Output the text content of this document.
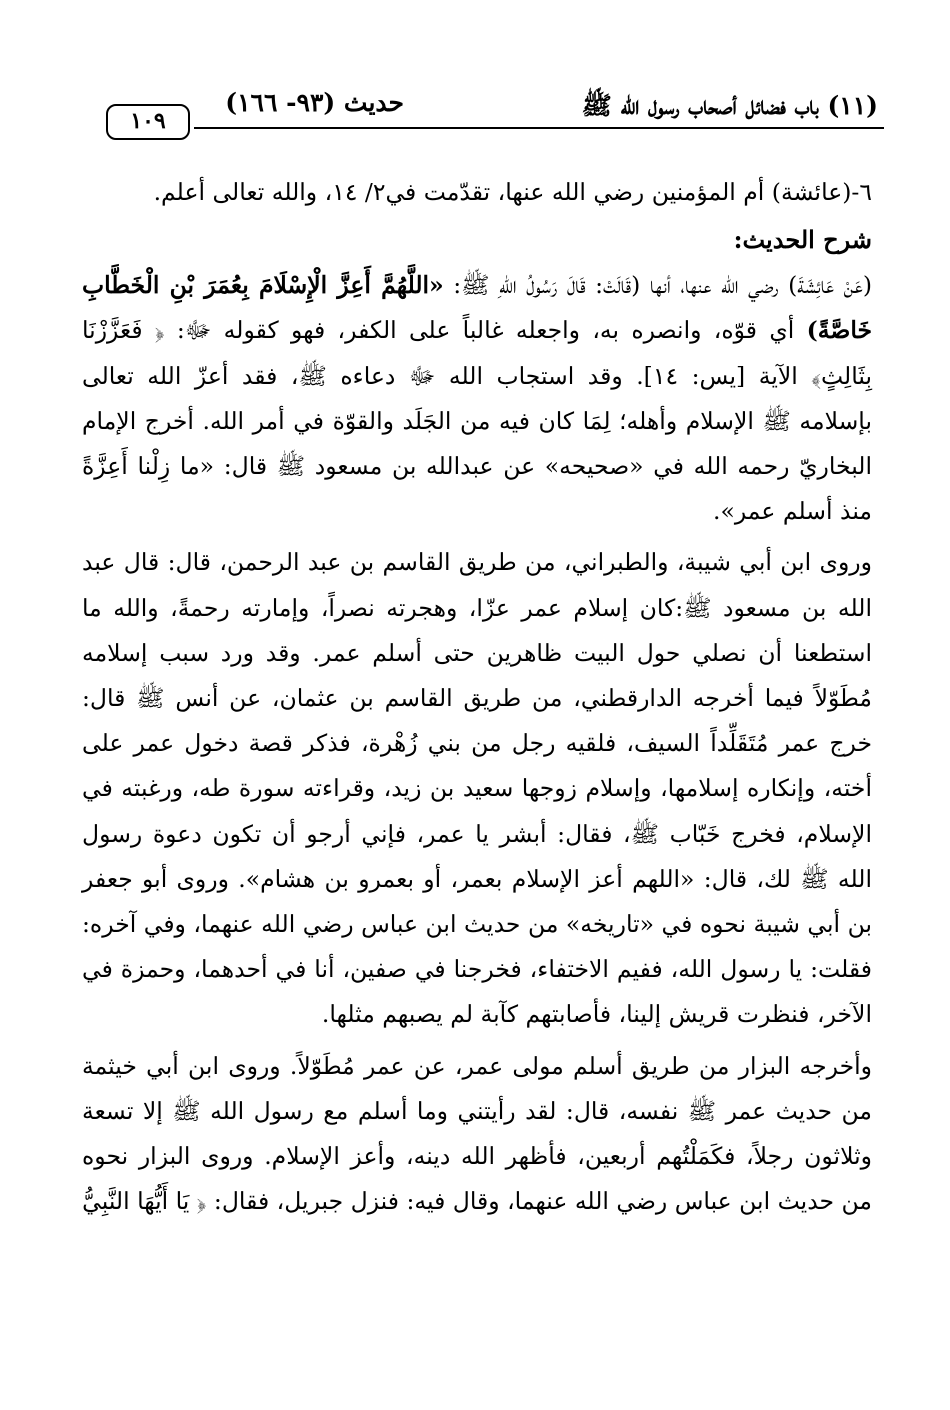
(١١) باب فضائل أصحاب رسول الله ﷺ
حديث (٩٣- ١٦٦)
١٠٩

٦-(عائشة) أم المؤمنين رضي الله عنها، تقدّمت في٢/ ١٤، والله تعالى أعلم.

شرح الحديث:

(عَنْ عَائِشَةَ) رضي الله عنها، أنها (قَالَتْ: قَالَ رَسُولُ اللهِ ﷺ: «اللَّهُمَّ أَعِزَّ الْإِسْلَامَ بِعُمَرَ بْنِ الْخَطَّابِ خَاصَّةً) أي قوّه، وانصره به، واجعله غالباً على الكفر، فهو كقوله ﷻ: ﴿ فَعَزَّزْنَا بِثَالِثٍ﴾ الآية [يس: ١٤]. وقد استجاب الله ﷻ دعاءه ﷺ، فقد أعزّ الله تعالى بإسلامه ﷺ الإسلام وأهله؛ لِمَا كان فيه من الجَلَد والقوّة في أمر الله. أخرج الإمام البخاريّ رحمه الله في «صحيحه» عن عبدالله بن مسعود ﷺ قال: «ما زِلْنا أَعِزَّةً منذ أسلم عمر».

وروى ابن أبي شيبة، والطبراني، من طريق القاسم بن عبد الرحمن، قال: قال عبد الله بن مسعود ﷺ:كان إسلام عمر عزّا، وهجرته نصراً، وإمارته رحمةً، والله ما استطعنا أن نصلي حول البيت ظاهرين حتى أسلم عمر. وقد ورد سبب إسلامه مُطَوّلاً فيما أخرجه الدارقطني، من طريق القاسم بن عثمان، عن أنس ﷺ قال: خرج عمر مُتَقَلِّداً السيف، فلقيه رجل من بني زُهْرة، فذكر قصة دخول عمر على أخته، وإنكاره إسلامها، وإسلام زوجها سعيد بن زيد، وقراءته سورة طه، ورغبته في الإسلام، فخرج خَبّاب ﷺ، فقال: أبشر يا عمر، فإني أرجو أن تكون دعوة رسول الله ﷺ لك، قال: «اللهم أعز الإسلام بعمر، أو بعمرو بن هشام». وروى أبو جعفر بن أبي شيبة نحوه في «تاريخه» من حديث ابن عباس رضي الله عنهما، وفي آخره: فقلت: يا رسول الله، ففيم الاختفاء، فخرجنا في صفين، أنا في أحدهما، وحمزة في الآخر، فنظرت قريش إلينا، فأصابتهم كآبة لم يصبهم مثلها.

وأخرجه البزار من طريق أسلم مولى عمر، عن عمر مُطَوّلاً. وروى ابن أبي خيثمة من حديث عمر ﷺ نفسه، قال: لقد رأيتني وما أسلم مع رسول الله ﷺ إلا تسعة وثلاثون رجلاً، فكَمَلْتُهم أربعين، فأظهر الله دينه، وأعز الإسلام. وروى البزار نحوه من حديث ابن عباس رضي الله عنهما، وقال فيه: فنزل جبريل، فقال: ﴿ يَا أَيُّهَا النَّبِيُّ
